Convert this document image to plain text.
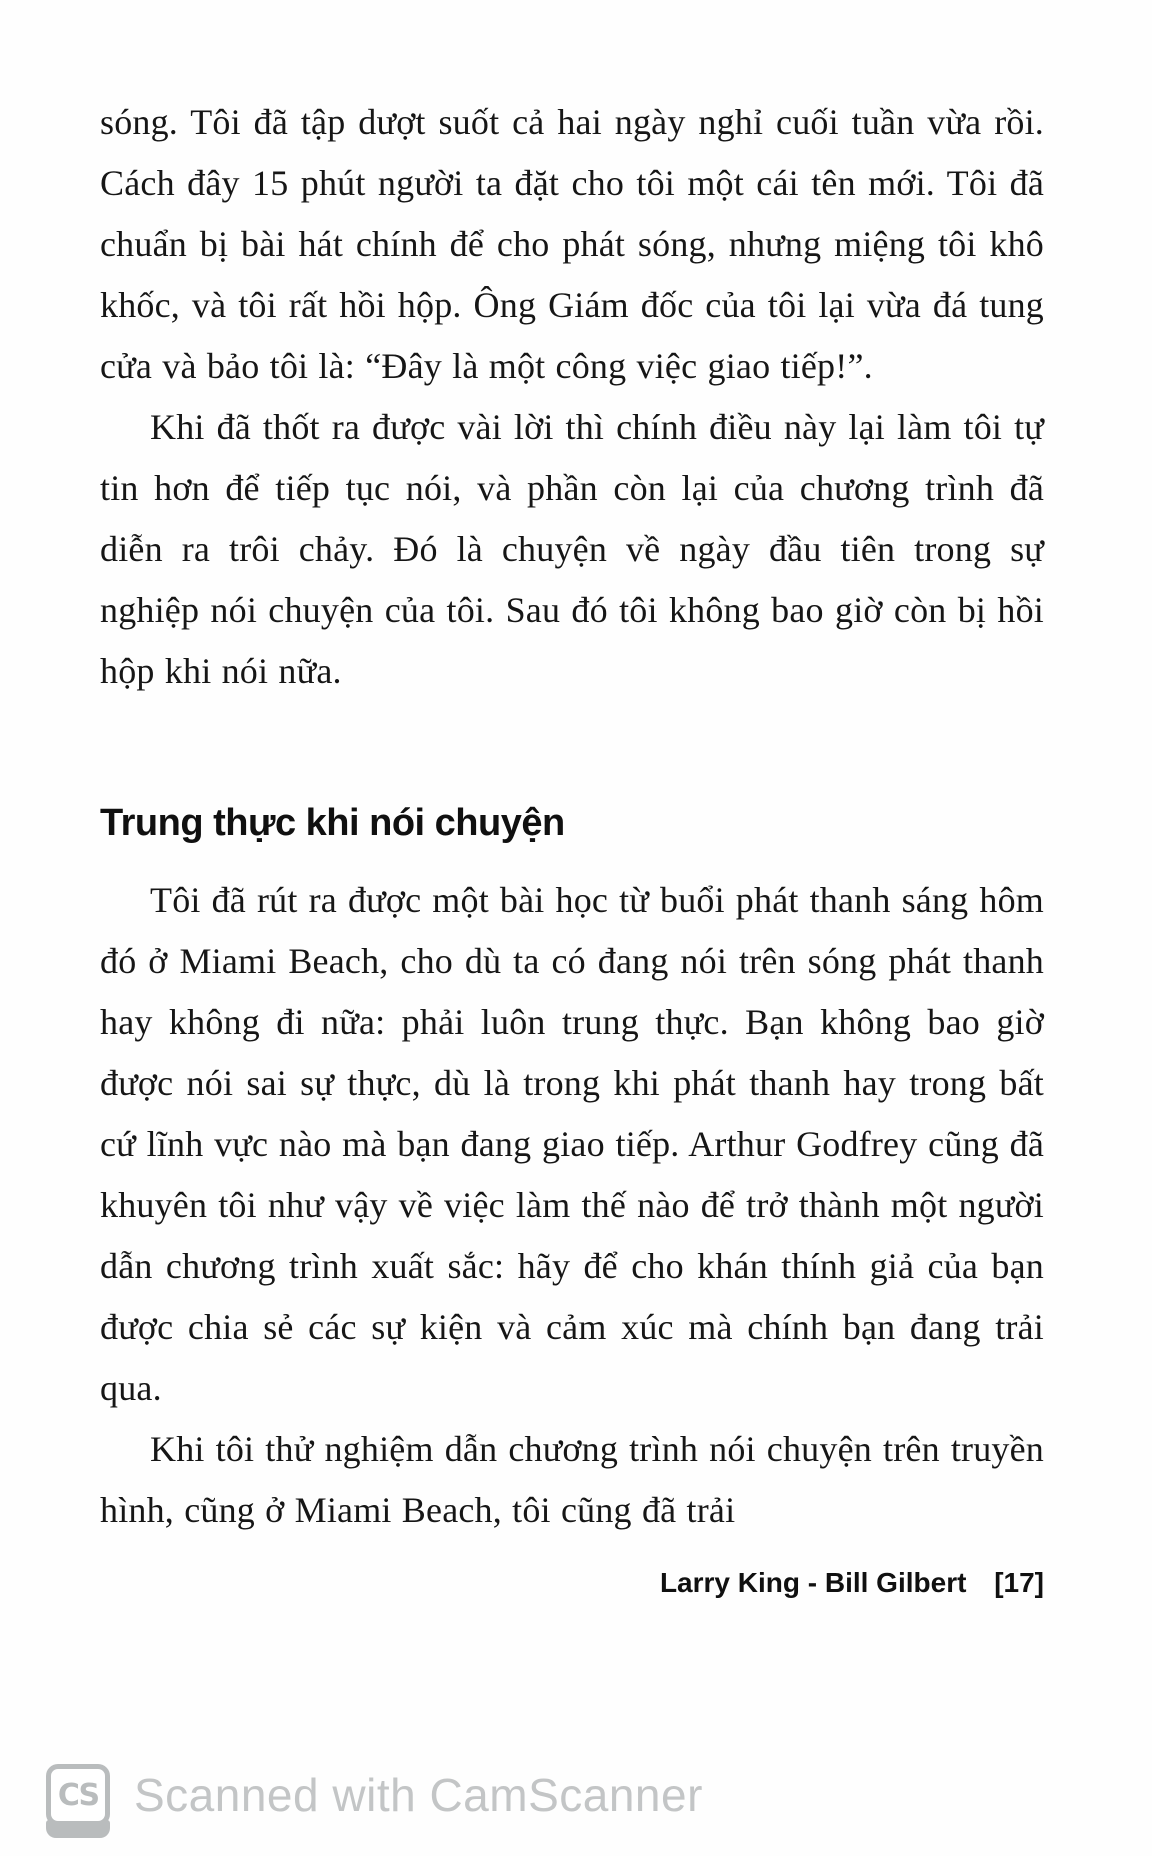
sóng. Tôi đã tập dượt suốt cả hai ngày nghỉ cuối tuần vừa rồi. Cách đây 15 phút người ta đặt cho tôi một cái tên mới. Tôi đã chuẩn bị bài hát chính để cho phát sóng, nhưng miệng tôi khô khốc, và tôi rất hồi hộp. Ông Giám đốc của tôi lại vừa đá tung cửa và bảo tôi là: “Đây là một công việc giao tiếp!”.

Khi đã thốt ra được vài lời thì chính điều này lại làm tôi tự tin hơn để tiếp tục nói, và phần còn lại của chương trình đã diễn ra trôi chảy. Đó là chuyện về ngày đầu tiên trong sự nghiệp nói chuyện của tôi. Sau đó tôi không bao giờ còn bị hồi hộp khi nói nữa.

Trung thực khi nói chuyện

Tôi đã rút ra được một bài học từ buổi phát thanh sáng hôm đó ở Miami Beach, cho dù ta có đang nói trên sóng phát thanh hay không đi nữa: phải luôn trung thực. Bạn không bao giờ được nói sai sự thực, dù là trong khi phát thanh hay trong bất cứ lĩnh vực nào mà bạn đang giao tiếp. Arthur Godfrey cũng đã khuyên tôi như vậy về việc làm thế nào để trở thành một người dẫn chương trình xuất sắc: hãy để cho khán thính giả của bạn được chia sẻ các sự kiện và cảm xúc mà chính bạn đang trải qua.

Khi tôi thử nghiệm dẫn chương trình nói chuyện trên truyền hình, cũng ở Miami Beach, tôi cũng đã trải

Larry King - Bill Gilbert [17]
CS Scanned with CamScanner
